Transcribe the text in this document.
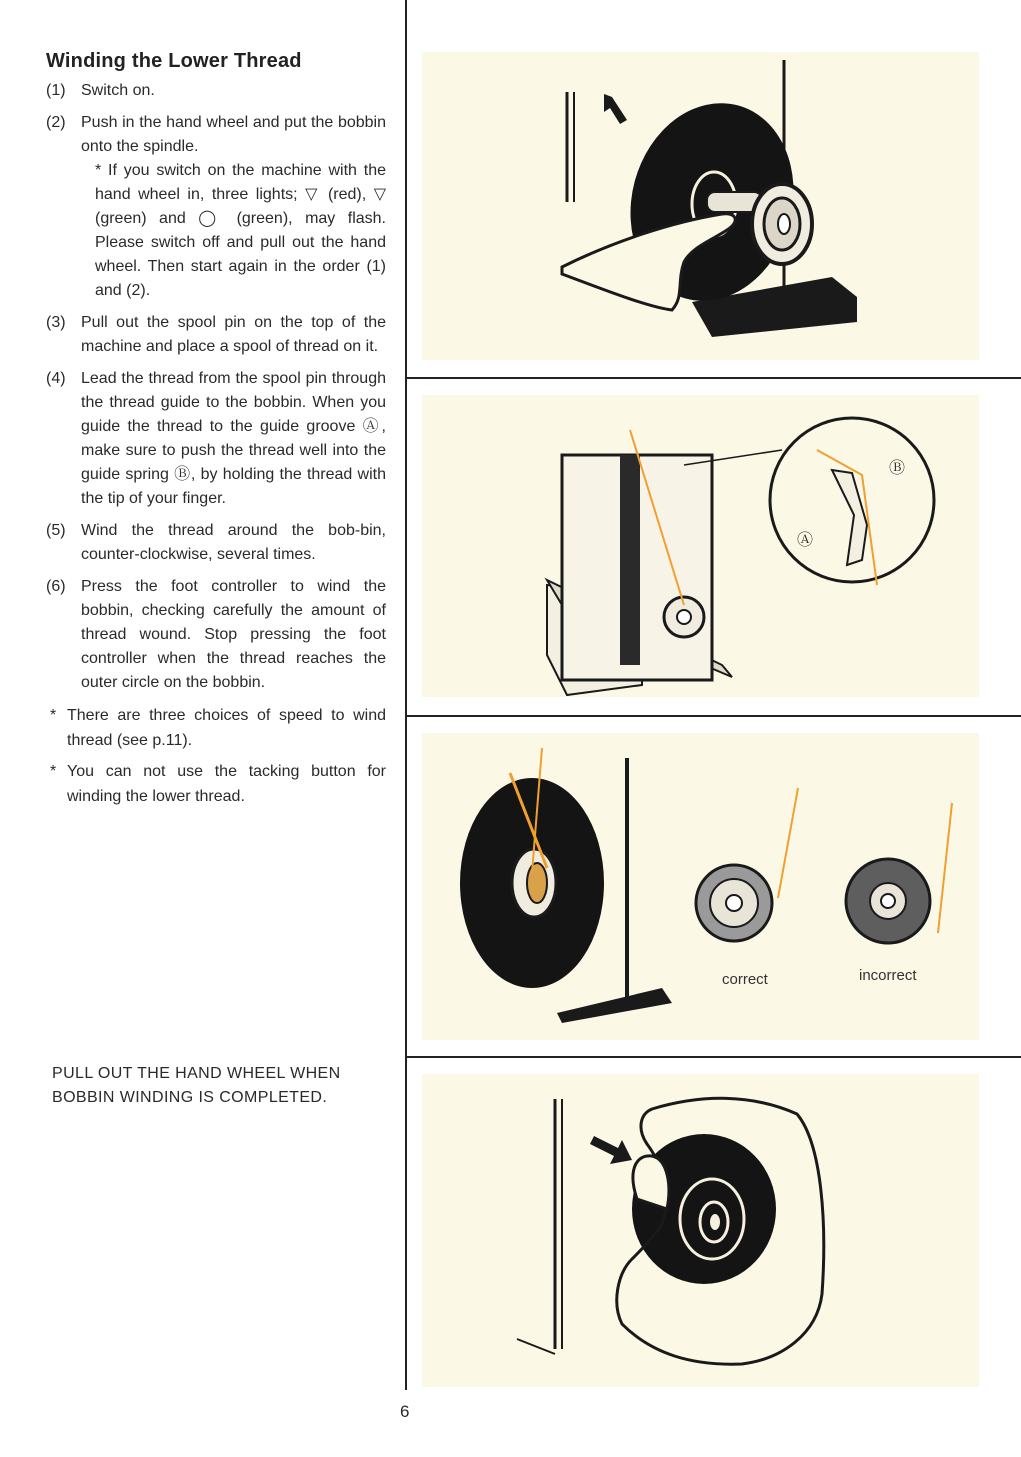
Winding the Lower Thread
(1) Switch on.
(2) Push in the hand wheel and put the bobbin onto the spindle.
* If you switch on the machine with the hand wheel in, three lights; ▽ (red), ▽ (green) and ◯ (green), may flash. Please switch off and pull out the hand wheel. Then start again in the order (1) and (2).
(3) Pull out the spool pin on the top of the machine and place a spool of thread on it.
(4) Lead the thread from the spool pin through the thread guide to the bobbin. When you guide the thread to the guide groove Ⓐ, make sure to push the thread well into the guide spring Ⓑ, by holding the thread with the tip of your finger.
(5) Wind the thread around the bob-bin, counter-clockwise, several times.
(6) Press the foot controller to wind the bobbin, checking carefully the amount of thread wound. Stop pressing the foot controller when the thread reaches the outer circle on the bobbin.
* There are three choices of speed to wind thread (see p.11).
* You can not use the tacking button for winding the lower thread.
PULL OUT THE HAND WHEEL WHEN
BOBBIN WINDING IS COMPLETED.
Ⓐ
Ⓑ
correct	incorrect
6
